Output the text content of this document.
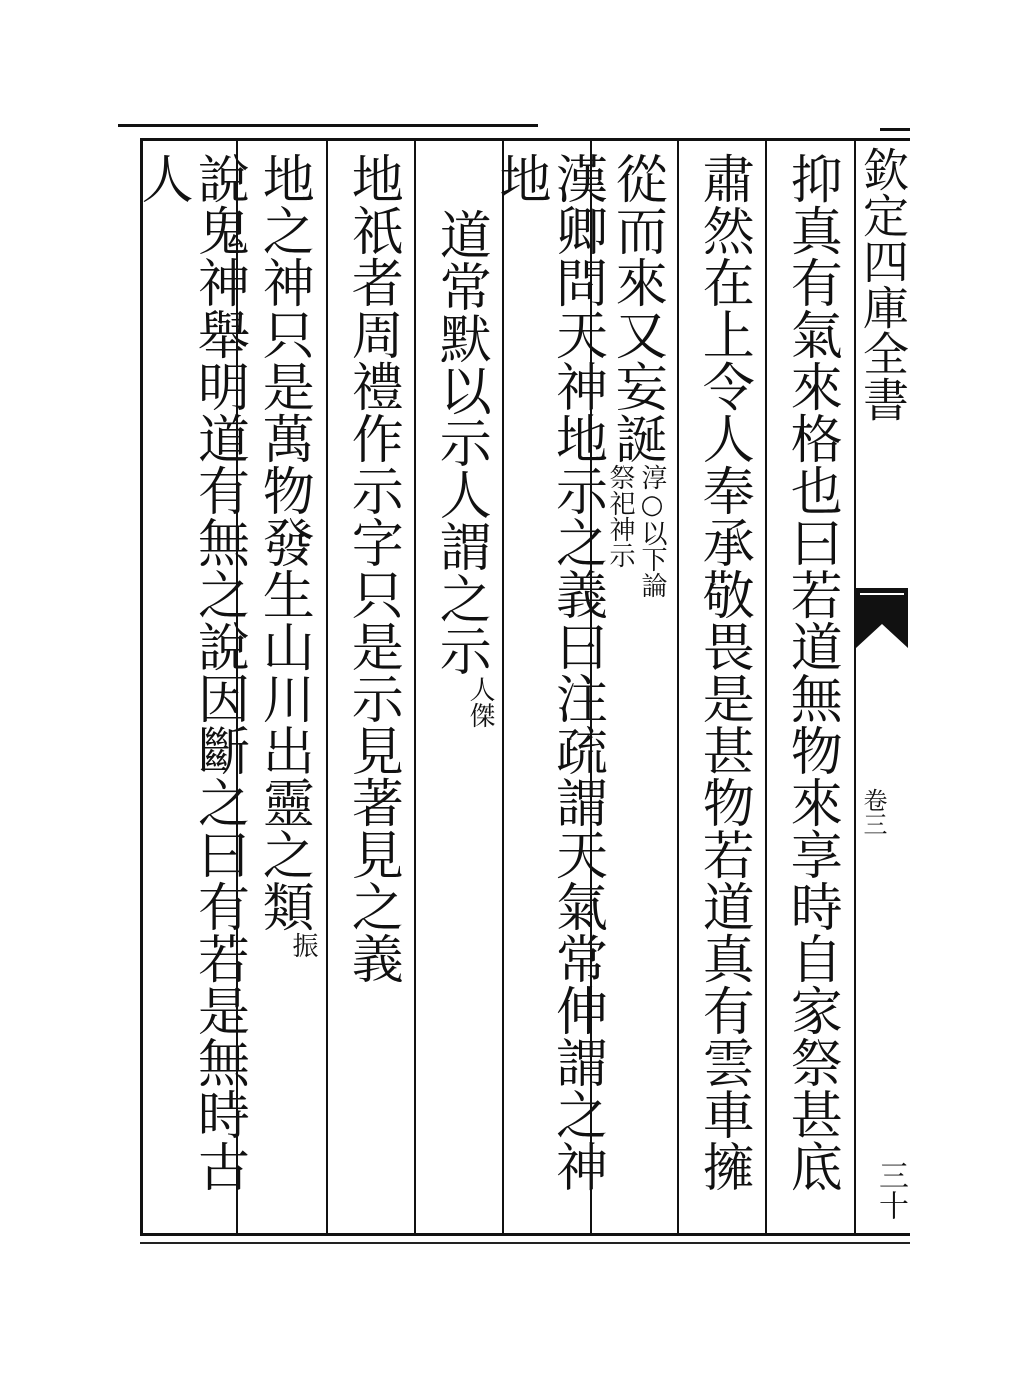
欽定四庫全書
卷三
三十
抑真有氣來格也曰若道無物來享時自家祭甚底
肅然在上令人奉承敬畏是甚物若道真有雲車擁
從而來又妄誕
淳○以下論
祭祀神示
漢卿問天神地示之義曰注疏謂天氣常伸謂之神地
道常默以示人謂之示
人傑
地祇者周禮作示字只是示見著見之義
地之神只是萬物發生山川出靈之類
振
說鬼神舉明道有無之說因斷之曰有若是無時古人
